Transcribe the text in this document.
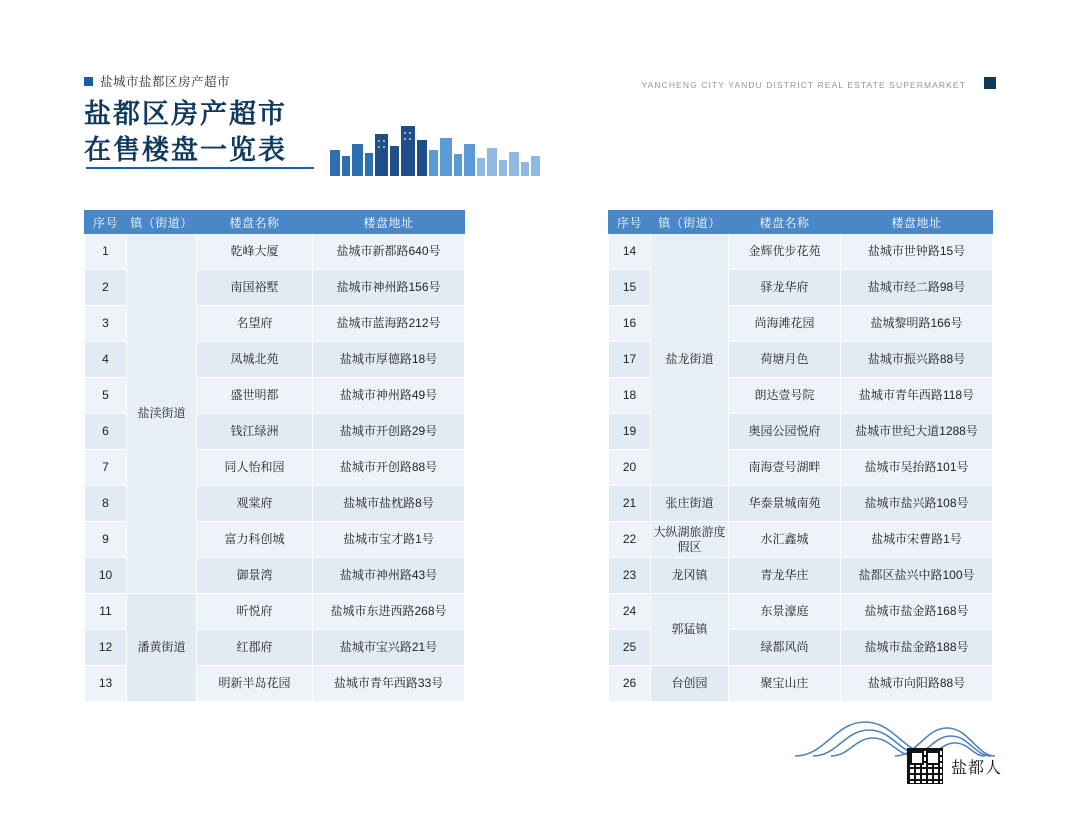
盐城市盐都区房产超市
盐都区房产超市
在售楼盘一览表
YANCHENG CITY YANDU DISTRICT REAL ESTATE SUPERMARKET
序号	镇（街道）	楼盘名称	楼盘地址
1	盐渎街道	乾峰大厦	盐城市新都路640号
2		南国裕墅	盐城市神州路156号
3		名望府	盐城市蓝海路212号
4		凤城北苑	盐城市厚德路18号
5		盛世明都	盐城市神州路49号
6		钱江绿洲	盐城市开创路29号
7		同人怡和园	盐城市开创路88号
8		观棠府	盐城市盐枕路8号
9		富力科创城	盐城市宝才路1号
10		御景湾	盐城市神州路43号
11	潘黄街道	昕悦府	盐城市东进西路268号
12		红郡府	盐城市宝兴路21号
13		明新半岛花园	盐城市青年西路33号
序号	镇（街道）	楼盘名称	楼盘地址
14	盐龙街道	金辉优步花苑	盐城市世钟路15号
15		驿龙华府	盐城市经二路98号
16		尚海滩花园	盐城黎明路166号
17		荷塘月色	盐城市振兴路88号
18		朗达壹号院	盐城市青年西路118号
19		奥园公园悦府	盐城市世纪大道1288号
20		南海壹号湖畔	盐城市吴抬路101号
21	张庄街道	华泰景城南苑	盐城市盐兴路108号
22	大纵湖旅游度假区	水汇鑫城	盐城市宋曹路1号
23	龙冈镇	青龙华庄	盐都区盐兴中路100号
24	郭猛镇	东景濠庭	盐城市盐金路168号
25		绿都风尚	盐城市盐金路188号
26	台创园	聚宝山庄	盐城市向阳路88号
盐都人
